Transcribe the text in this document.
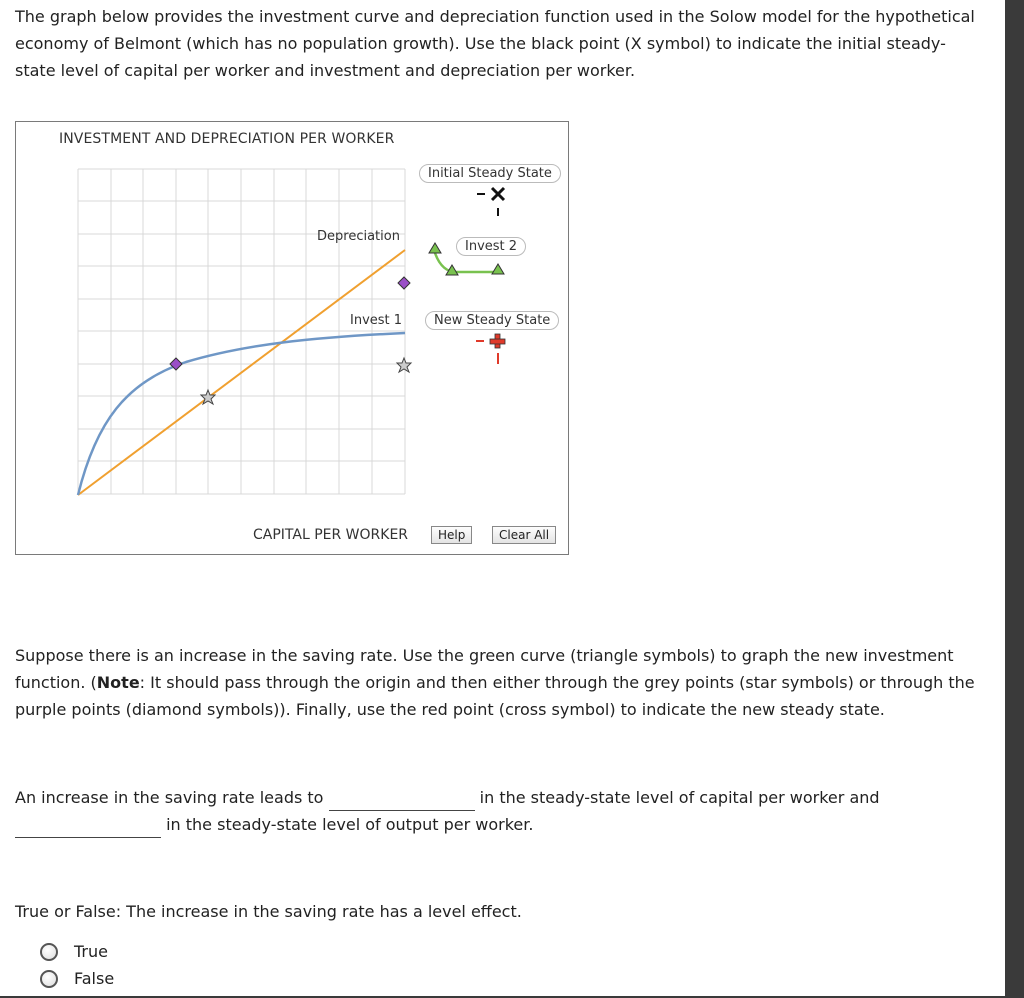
The graph below provides the investment curve and depreciation function used in the Solow model for the hypothetical economy of Belmont (which has no population growth). Use the black point (X symbol) to indicate the initial steady-state level of capital per worker and investment and depreciation per worker.

INVESTMENT AND DEPRECIATION PER WORKER
Depreciation
Invest 1
Initial Steady State
Invest 2
New Steady State
CAPITAL PER WORKER	Help	Clear All

Suppose there is an increase in the saving rate. Use the green curve (triangle symbols) to graph the new investment function. (Note: It should pass through the origin and then either through the grey points (star symbols) or through the purple points (diamond symbols)). Finally, use the red point (cross symbol) to indicate the new steady state.

An increase in the saving rate leads to	in the steady-state level of capital per worker and
in the steady-state level of output per worker.

True or False: The increase in the saving rate has a level effect.

True
False
